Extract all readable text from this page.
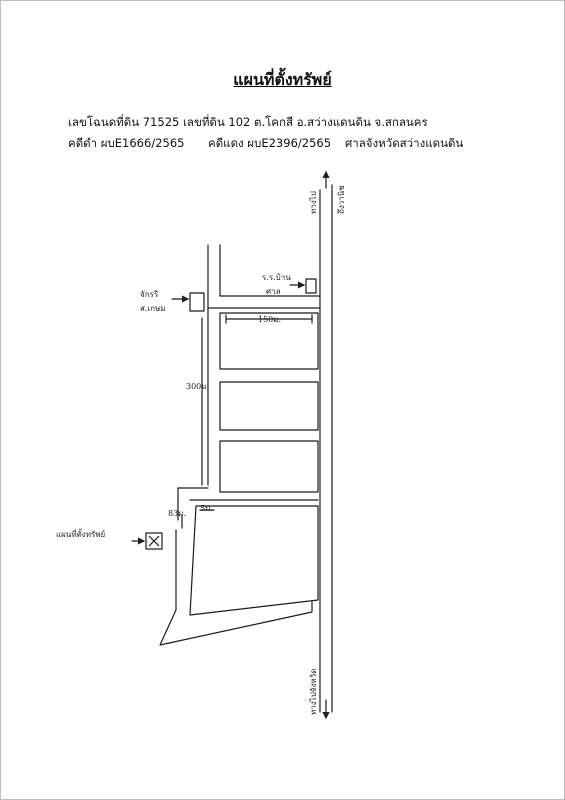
แผนที่ตั้งทรัพย์
เลขโฉนดที่ดิน 71525 เลขที่ดิน 102 ต.โคกสี อ.สว่างแดนดิน จ.สกลนคร
คดีดำ ผบE1666/2565 คดีแดง ผบE2396/2565 ศาลจังหวัดสว่างแดนดิน
ทางไป ถึงวานิช
ทางไปจังหวัด
ร.ร.บ้าน
ศาล
จักรรี
ส.เกษม
150ม.
300ม.
83ม.
5ม.
แผนที่ตั้งทรัพย์
